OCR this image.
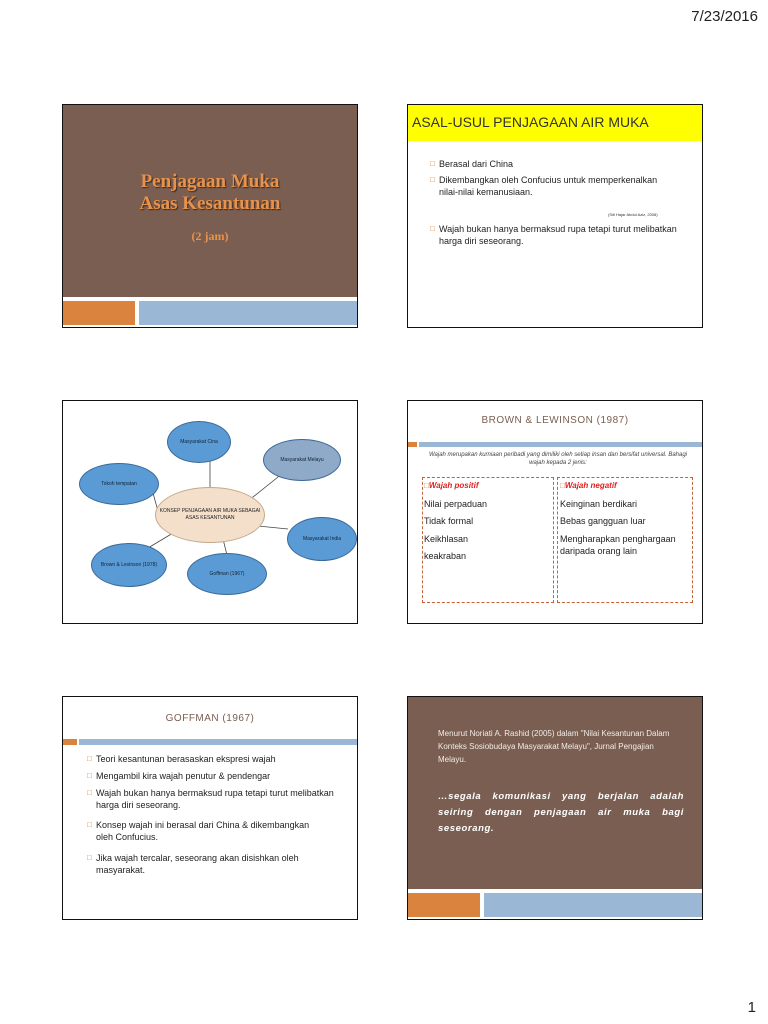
7/23/2016
Penjagaan Muka
Asas Kesantunan
(2 jam)
ASAL-USUL PENJAGAAN AIR MUKA
□ Berasal dari China
□ Dikembangkan oleh Confucius untuk memperkenalkan nilai-nilai kemanusiaan.
(Siti Hajar Abdul Aziz, 2008)
□ Wajah bukan hanya bermaksud rupa tetapi turut melibatkan harga diri seseorang.
KONSEP PENJAGAAN AIR MUKA SEBAGAI ASAS KESANTUNAN
Masyarakat Cina
Masyarakat Melayu
Masyarakat India
Goffman (1967)
Brown & Levinson (1978)
Tokoh tempatan
BROWN & LEWINSON (1987)
Wajah merupakan kurniaan peribadi yang dimiliki oleh setiap insan dan bersifat universal. Bahagi wajah kepada 2 jenis:
□ Wajah positif
Nilai perpaduan
Tidak formal
Keikhlasan
keakraban
□ Wajah negatif
Keinginan berdikari
Bebas gangguan luar
Mengharapkan penghargaan daripada orang lain
GOFFMAN (1967)
□ Teori kesantunan berasaskan ekspresi wajah
□ Mengambil kira wajah penutur & pendengar
□ Wajah bukan hanya bermaksud rupa tetapi turut melibatkan harga diri seseorang.
□ Konsep wajah ini berasal dari China & dikembangkan oleh Confucius.
□ Jika wajah tercalar, seseorang akan disishkan oleh masyarakat.
Menurut Noriati A. Rashid (2005) dalam "Nilai Kesantunan Dalam Konteks Sosiobudaya Masyarakat Melayu", Jurnal Pengajian Melayu.
…segala komunikasi yang berjalan adalah seiring dengan penjagaan air muka bagi seseorang.
1
